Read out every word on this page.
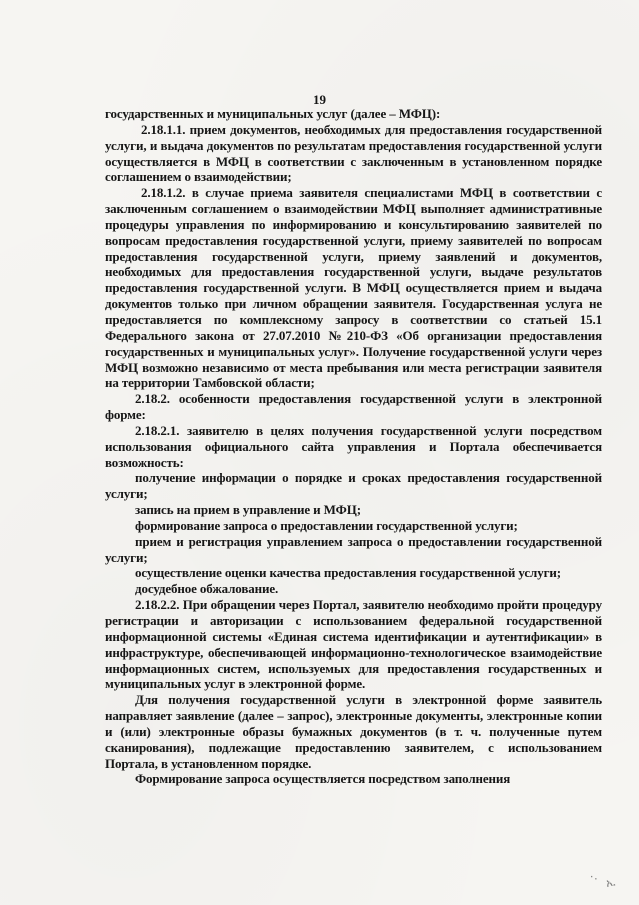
19

государственных и муниципальных услуг (далее – МФЦ):

2.18.1.1. прием документов, необходимых для предоставления государственной услуги, и выдача документов по результатам предоставления государственной услуги осуществляется в МФЦ в соответствии с заключенным в установленном порядке соглашением о взаимодействии;

2.18.1.2. в случае приема заявителя специалистами МФЦ в соответствии с заключенным соглашением о взаимодействии МФЦ выполняет административные процедуры управления по информированию и консультированию заявителей по вопросам предоставления государственной услуги, приему заявителей по вопросам предоставления государственной услуги, приему заявлений и документов, необходимых для предоставления государственной услуги, выдаче результатов предоставления государственной услуги. В МФЦ осуществляется прием и выдача документов только при личном обращении заявителя. Государственная услуга не предоставляется по комплексному запросу в соответствии со статьей 15.1 Федерального закона от 27.07.2010 №210-ФЗ «Об организации предоставления государственных и муниципальных услуг». Получение государственной услуги через МФЦ возможно независимо от места пребывания или места регистрации заявителя на территории Тамбовской области;

2.18.2. особенности предоставления государственной услуги в электронной форме:

2.18.2.1. заявителю в целях получения государственной услуги посредством использования официального сайта управления и Портала обеспечивается возможность:

получение информации о порядке и сроках предоставления государственной услуги;

запись на прием в управление и МФЦ;

формирование запроса о предоставлении государственной услуги;

прием и регистрация управлением запроса о предоставлении государственной услуги;

осуществление оценки качества предоставления государственной услуги;

досудебное обжалование.

2.18.2.2. При обращении через Портал, заявителю необходимо пройти процедуру регистрации и авторизации с использованием федеральной государственной информационной системы «Единая система идентификации и аутентификации» в инфраструктуре, обеспечивающей информационно-технологическое взаимодействие информационных систем, используемых для предоставления государственных и муниципальных услуг в электронной форме.

Для получения государственной услуги в электронной форме заявитель направляет заявление (далее – запрос), электронные документы, электронные копии и (или) электронные образы бумажных документов (в т. ч. полученные путем сканирования), подлежащие предоставлению заявителем, с использованием Портала, в установленном порядке.

Формирование запроса осуществляется посредством заполнения

·. ኢ
